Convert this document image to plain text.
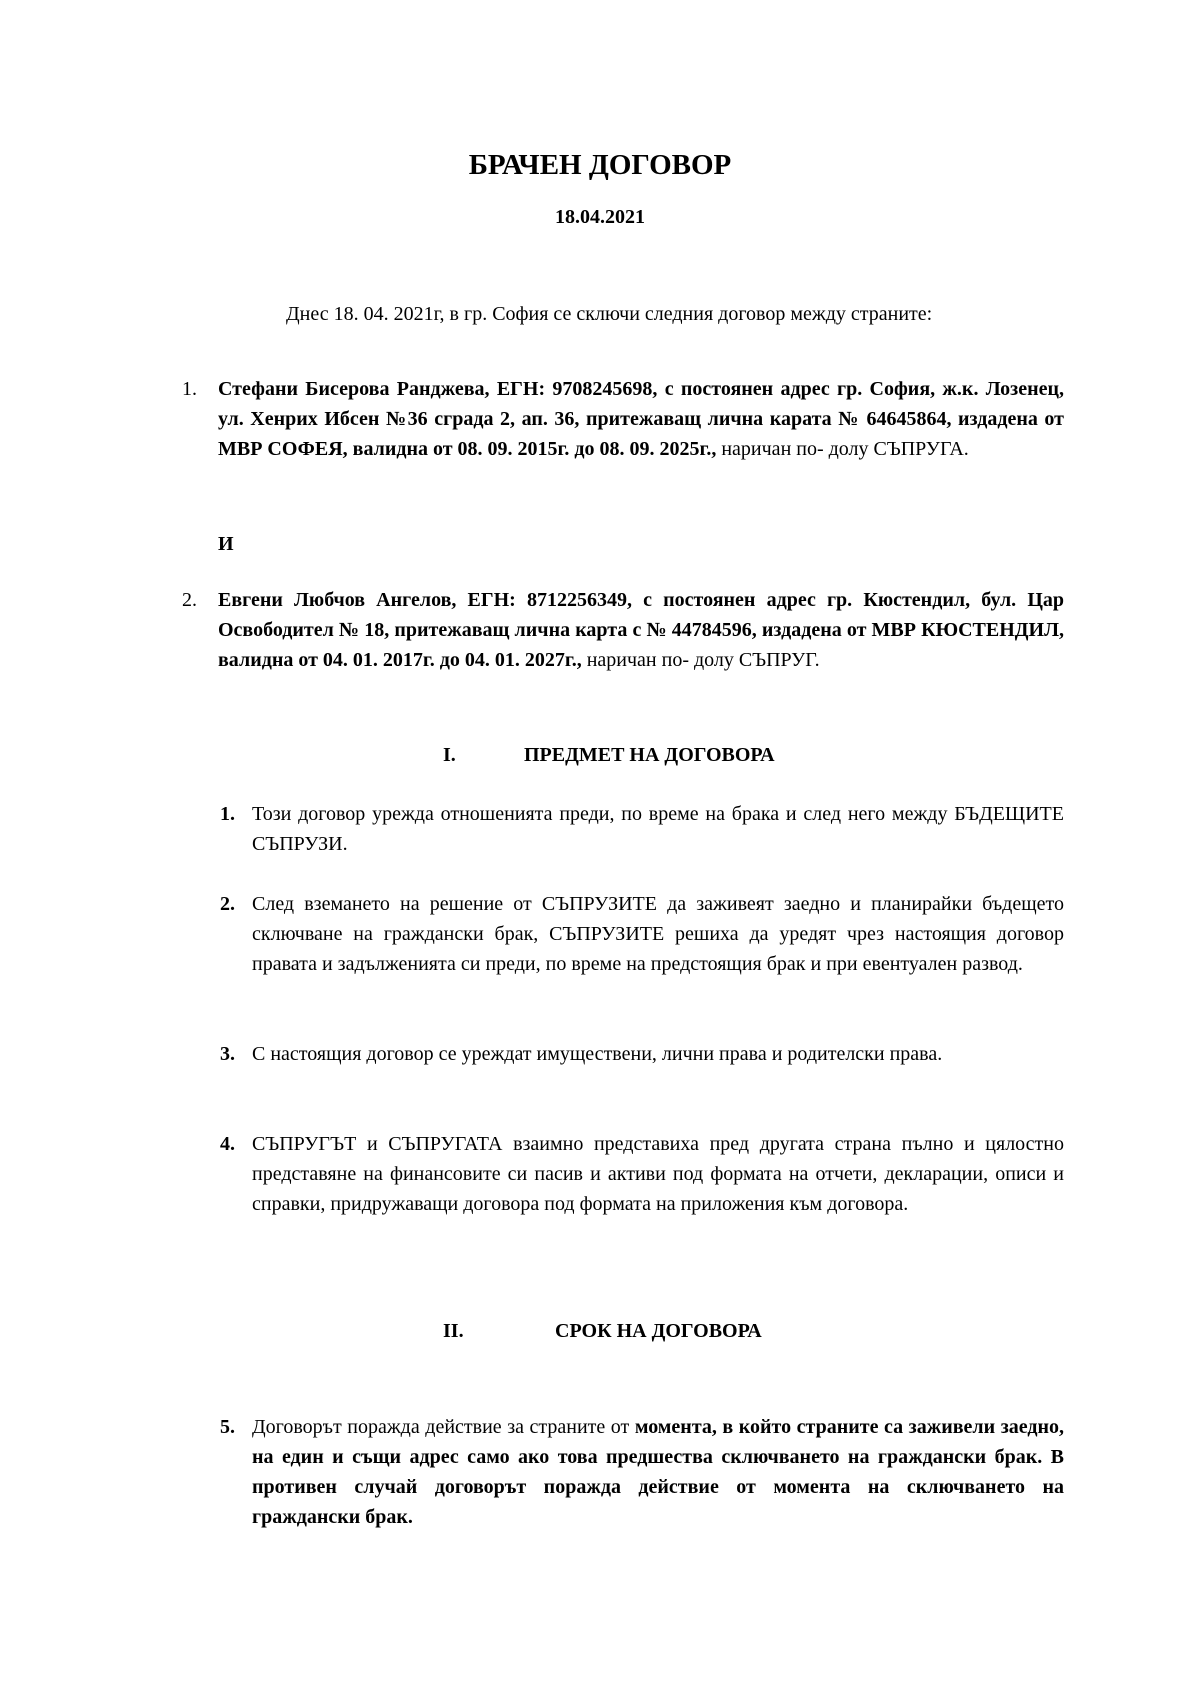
БРАЧЕН ДОГОВОР
18.04.2021
Днес 18. 04. 2021г, в гр. София се сключи следния договор между страните:
1. Стефани Бисерова Ранджева, ЕГН: 9708245698, с постоянен адрес гр. София, ж.к. Лозенец, ул. Хенрих Ибсен №36 сграда 2, ап. 36, притежаващ лична карата № 64645864, издадена от МВР СОФЕЯ, валидна от 08. 09. 2015г. до 08. 09. 2025г., наричан по- долу СЪПРУГА.
И
2. Евгени Любчов Ангелов, ЕГН: 8712256349, с постоянен адрес гр. Кюстендил, бул. Цар Освободител № 18, притежаващ лична карта с № 44784596, издадена от МВР КЮСТЕНДИЛ, валидна от 04. 01. 2017г. до 04. 01. 2027г., наричан по- долу СЪПРУГ.
I.	ПРЕДМЕТ НА ДОГОВОРА
1. Този договор урежда отношенията преди, по време на брака и след него между БЪДЕЩИТЕ СЪПРУЗИ.
2. След вземането на решение от СЪПРУЗИТЕ да заживеят заедно и планирайки бъдещето сключване на граждански брак, СЪПРУЗИТЕ решиха да уредят чрез настоящия договор правата и задълженията си преди, по време на предстоящия брак и при евентуален развод.
3. С настоящия договор се уреждат имуществени, лични права и родителски права.
4. СЪПРУГЪТ и СЪПРУГАТА взаимно представиха пред другата страна пълно и цялостно представяне на финансовите си пасив и активи под формата на отчети, декларации, описи и справки, придружаващи договора под формата на приложения към договора.
II.	СРОК НА ДОГОВОРА
5. Договорът поражда действие за страните от момента, в който страните са заживели заедно, на един и същи адрес само ако това предшества сключването на граждански брак. В противен случай договорът поражда действие от момента на сключването на граждански брак.
